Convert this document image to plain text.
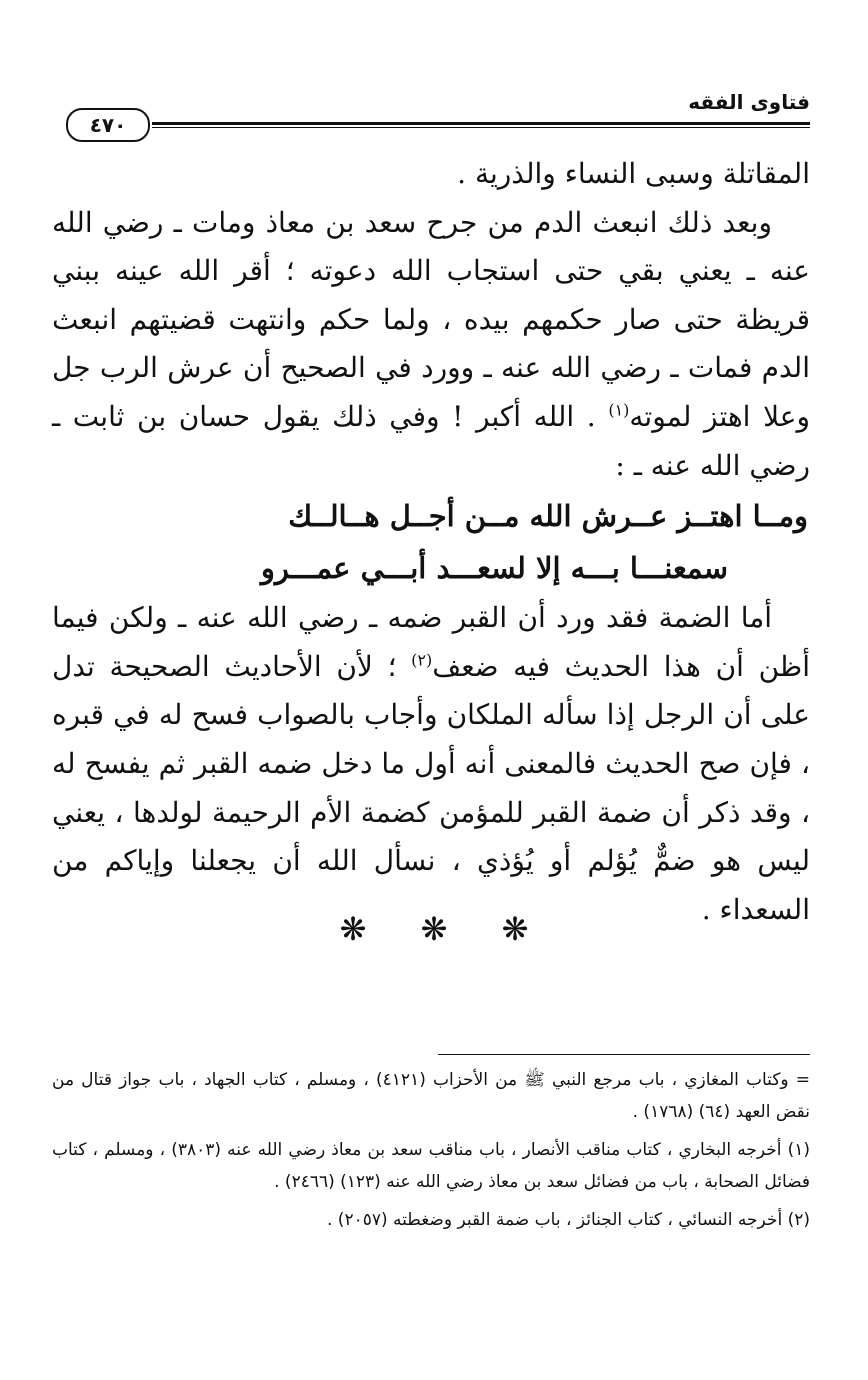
فتاوى الفقه
٤٧٠

المقاتلة وسبى النساء والذرية .

وبعد ذلك انبعث الدم من جرح سعد بن معاذ ومات ـ رضي الله عنه ـ يعني بقي حتى استجاب الله دعوته ؛ أقر الله عينه ببني قريظة حتى صار حكمهم بيده ، ولما حكم وانتهت قضيتهم انبعث الدم فمات ـ رضي الله عنه ـ وورد في الصحيح أن عرش الرب جل وعلا اهتز لموته$^{(١)}$ . الله أكبر ! وفي ذلك يقول حسان بن ثابت ـ رضي الله عنه ـ :

ومــا اهتــز عــرش الله مــن أجــل هــالــك

سمعنـــا بـــه إلا لسعـــد أبـــي عمـــرو

أما الضمة فقد ورد أن القبر ضمه ـ رضي الله عنه ـ ولكن فيما أظن أن هذا الحديث فيه ضعف$^{(٢)}$ ؛ لأن الأحاديث الصحيحة تدل على أن الرجل إذا سأله الملكان وأجاب بالصواب فسح له في قبره ، فإن صح الحديث فالمعنى أنه أول ما دخل ضمه القبر ثم يفسح له ، وقد ذكر أن ضمة القبر للمؤمن كضمة الأم الرحيمة لولدها ، يعني ليس هو ضمٌّ يُؤلم أو يُؤذي ، نسأل الله أن يجعلنا وإياكم من السعداء .

❋ ❋ ❋

= وكتاب المغازي ، باب مرجع النبي ﷺ من الأحزاب (٤١٢١) ، ومسلم ، كتاب الجهاد ، باب جواز قتال من نقض العهد (٦٤) (١٧٦٨) .

(١) أخرجه البخاري ، كتاب مناقب الأنصار ، باب مناقب سعد بن معاذ رضي الله عنه (٣٨٠٣) ، ومسلم ، كتاب فضائل الصحابة ، باب من فضائل سعد بن معاذ رضي الله عنه (١٢٣) (٢٤٦٦) .

(٢) أخرجه النسائي ، كتاب الجنائز ، باب ضمة القبر وضغطته (٢٠٥٧) .
